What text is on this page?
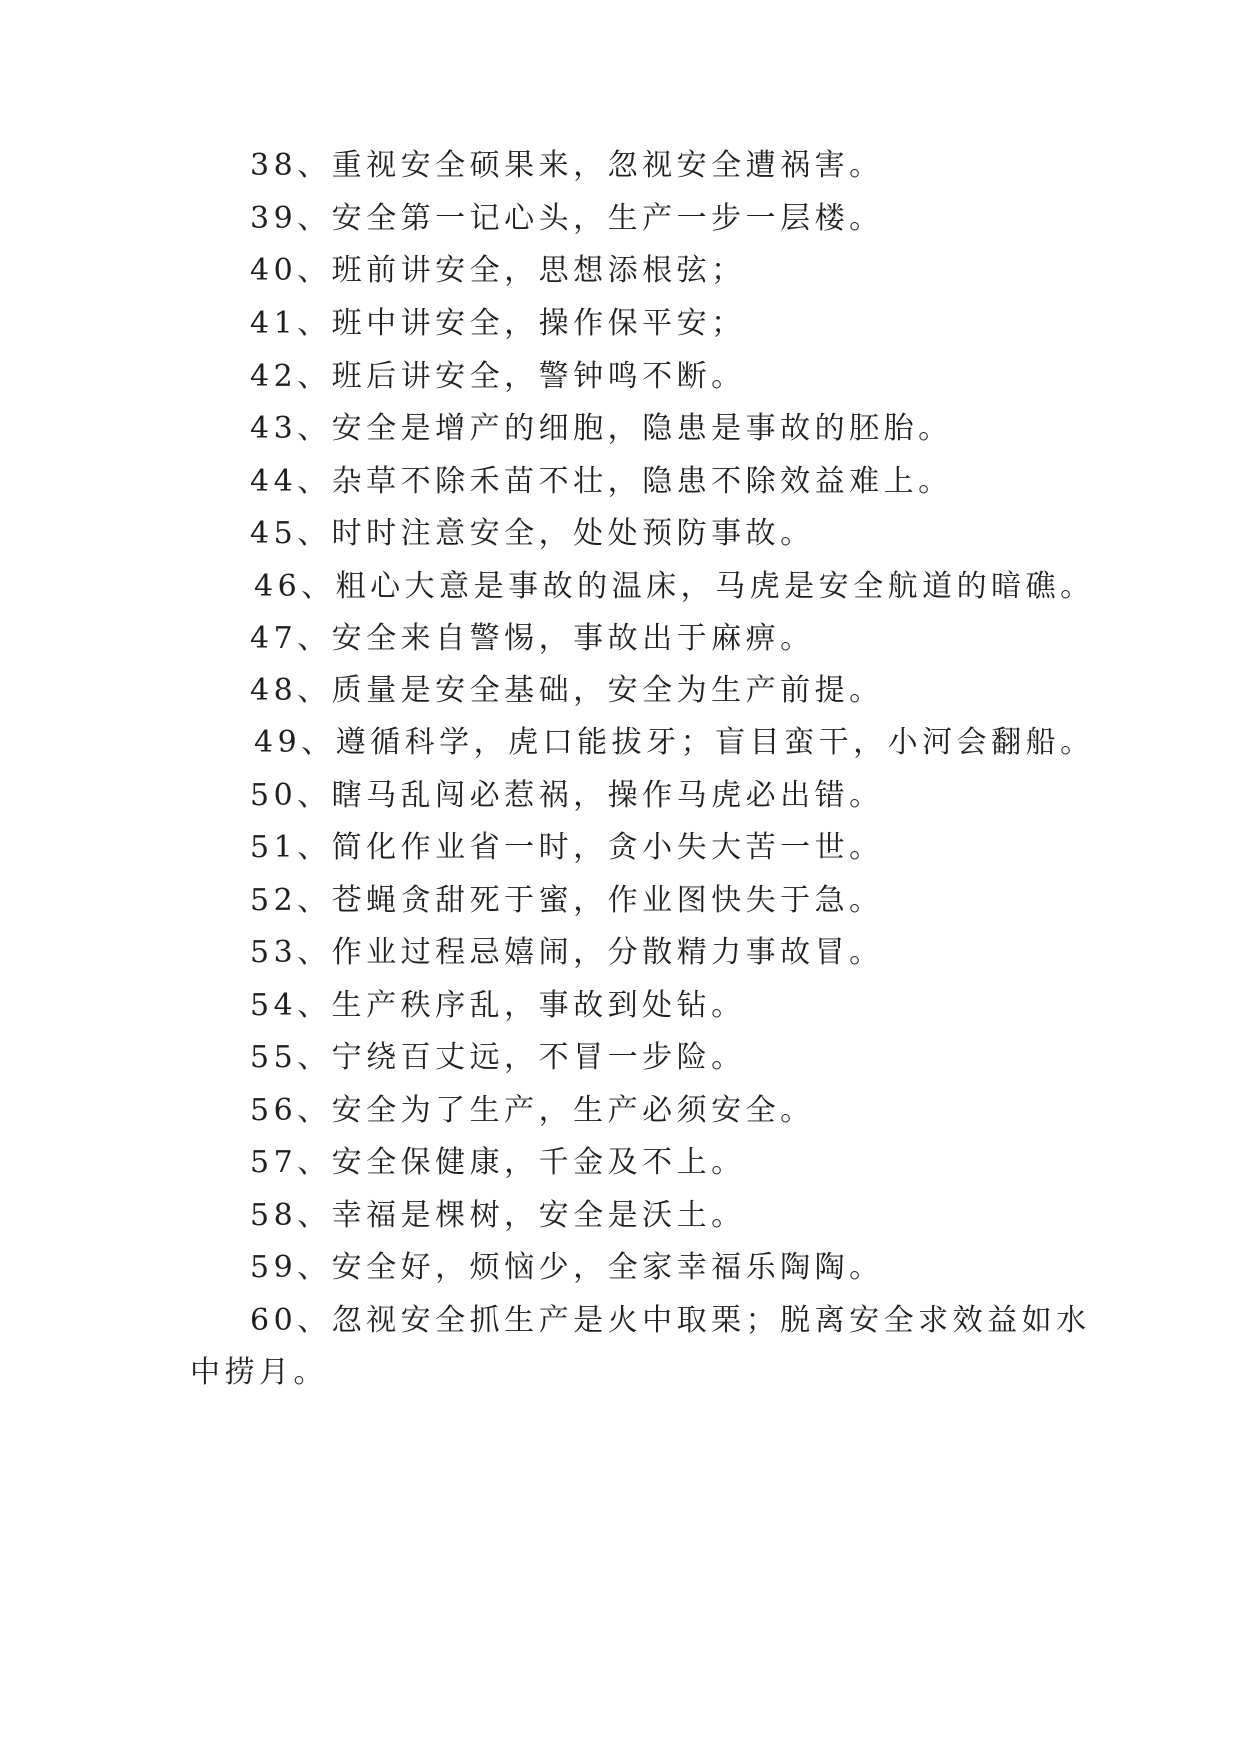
38、重视安全硕果来，忽视安全遭祸害。
39、安全第一记心头，生产一步一层楼。
40、班前讲安全，思想添根弦；
41、班中讲安全，操作保平安；
42、班后讲安全，警钟鸣不断。
43、安全是增产的细胞，隐患是事故的胚胎。
44、杂草不除禾苗不壮，隐患不除效益难上。
45、时时注意安全，处处预防事故。
46、粗心大意是事故的温床，马虎是安全航道的暗礁。
47、安全来自警惕，事故出于麻痹。
48、质量是安全基础，安全为生产前提。
49、遵循科学，虎口能拔牙；盲目蛮干，小河会翻船。
50、瞎马乱闯必惹祸，操作马虎必出错。
51、简化作业省一时，贪小失大苦一世。
52、苍蝇贪甜死于蜜，作业图快失于急。
53、作业过程忌嬉闹，分散精力事故冒。
54、生产秩序乱，事故到处钻。
55、宁绕百丈远，不冒一步险。
56、安全为了生产，生产必须安全。
57、安全保健康，千金及不上。
58、幸福是棵树，安全是沃土。
59、安全好，烦恼少，全家幸福乐陶陶。
60、忽视安全抓生产是火中取栗；脱离安全求效益如水
中捞月。
